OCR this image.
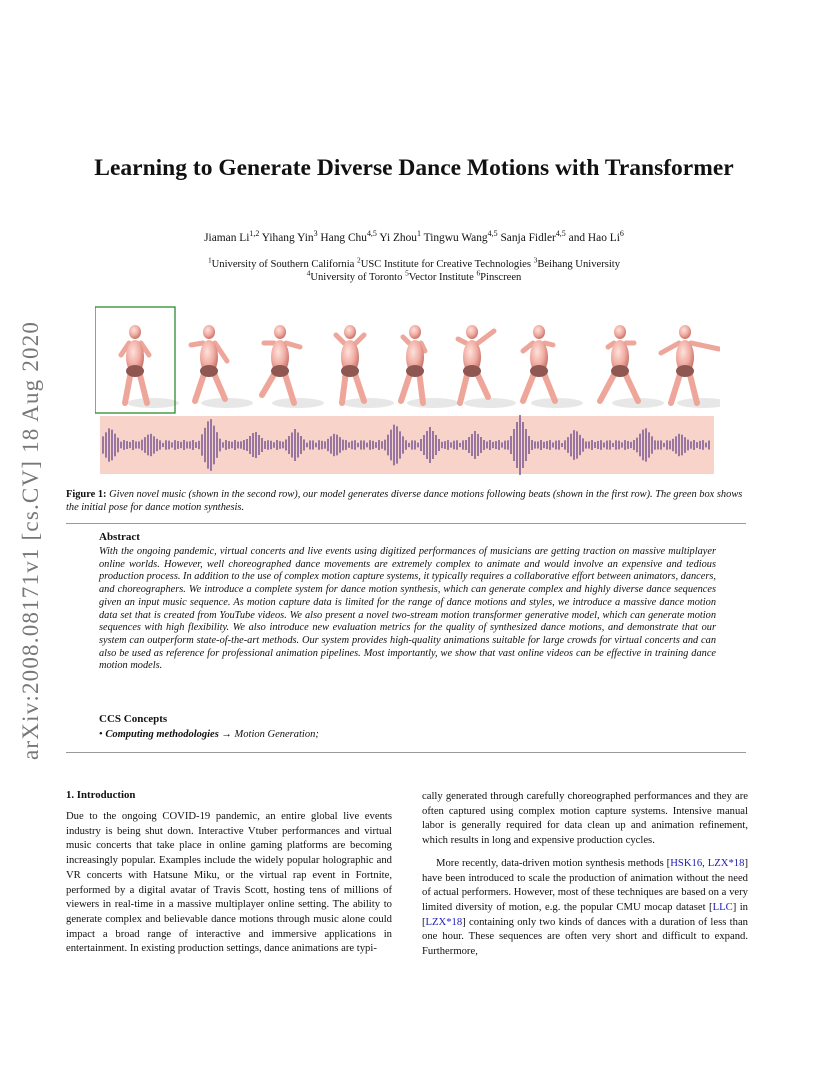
arXiv:2008.08171v1 [cs.CV] 18 Aug 2020
Learning to Generate Diverse Dance Motions with Transformer
Jiaman Li$^{1,2}$ Yihang Yin$^3$ Hang Chu$^{4,5}$ Yi Zhou$^1$ Tingwu Wang$^{4,5}$ Sanja Fidler$^{4,5}$ and Hao Li$^6$
$^1$University of Southern California $^2$USC Institute for Creative Technologies $^3$Beihang University
$^4$University of Toronto $^5$Vector Institute $^6$Pinscreen
Figure 1: Given novel music (shown in the second row), our model generates diverse dance motions following beats (shown in the first row). The green box shows the initial pose for dance motion synthesis.
Abstract
With the ongoing pandemic, virtual concerts and live events using digitized performances of musicians are getting traction on massive multiplayer online worlds. However, well choreographed dance movements are extremely complex to animate and would involve an expensive and tedious production process. In addition to the use of complex motion capture systems, it typically requires a collaborative effort between animators, dancers, and choreographers. We introduce a complete system for dance motion synthesis, which can generate complex and highly diverse dance sequences given an input music sequence. As motion capture data is limited for the range of dance motions and styles, we introduce a massive dance motion data set that is created from YouTube videos. We also present a novel two-stream motion transformer generative model, which can generate motion sequences with high flexibility. We also introduce new evaluation metrics for the quality of synthesized dance motions, and demonstrate that our system can outperform state-of-the-art methods. Our system provides high-quality animations suitable for large crowds for virtual concerts and can also be used as reference for professional animation pipelines. Most importantly, we show that vast online videos can be effective in training dance motion models.
CCS Concepts
• Computing methodologies → Motion Generation;
1. Introduction

Due to the ongoing COVID-19 pandemic, an entire global live events industry is being shut down. Interactive Vtuber performances and virtual music concerts that take place in online gaming platforms are becoming increasingly popular. Examples include the widely popular holographic and VR concerts with Hatsune Miku, or the virtual rap event in Fortnite, performed by a digital avatar of Travis Scott, hosting tens of millions of viewers in real-time in a massive multiplayer online setting. The ability to generate complex and believable dance motions through music alone could impact a broad range of interactive and immersive applications in entertainment. In existing production settings, dance animations are typi-

cally generated through carefully choreographed performances and they are often captured using complex motion capture systems. Intensive manual labor is generally required for data clean up and animation refinement, which results in long and expensive production cycles.

More recently, data-driven motion synthesis methods [HSK16, LZX*18] have been introduced to scale the production of animation without the need of actual performers. However, most of these techniques are based on a very limited diversity of motion, e.g. the popular CMU mocap dataset [LLC] in [LZX*18] containing only two kinds of dances with a duration of less than one hour. These sequences are often very short and difficult to expand. Furthermore,
